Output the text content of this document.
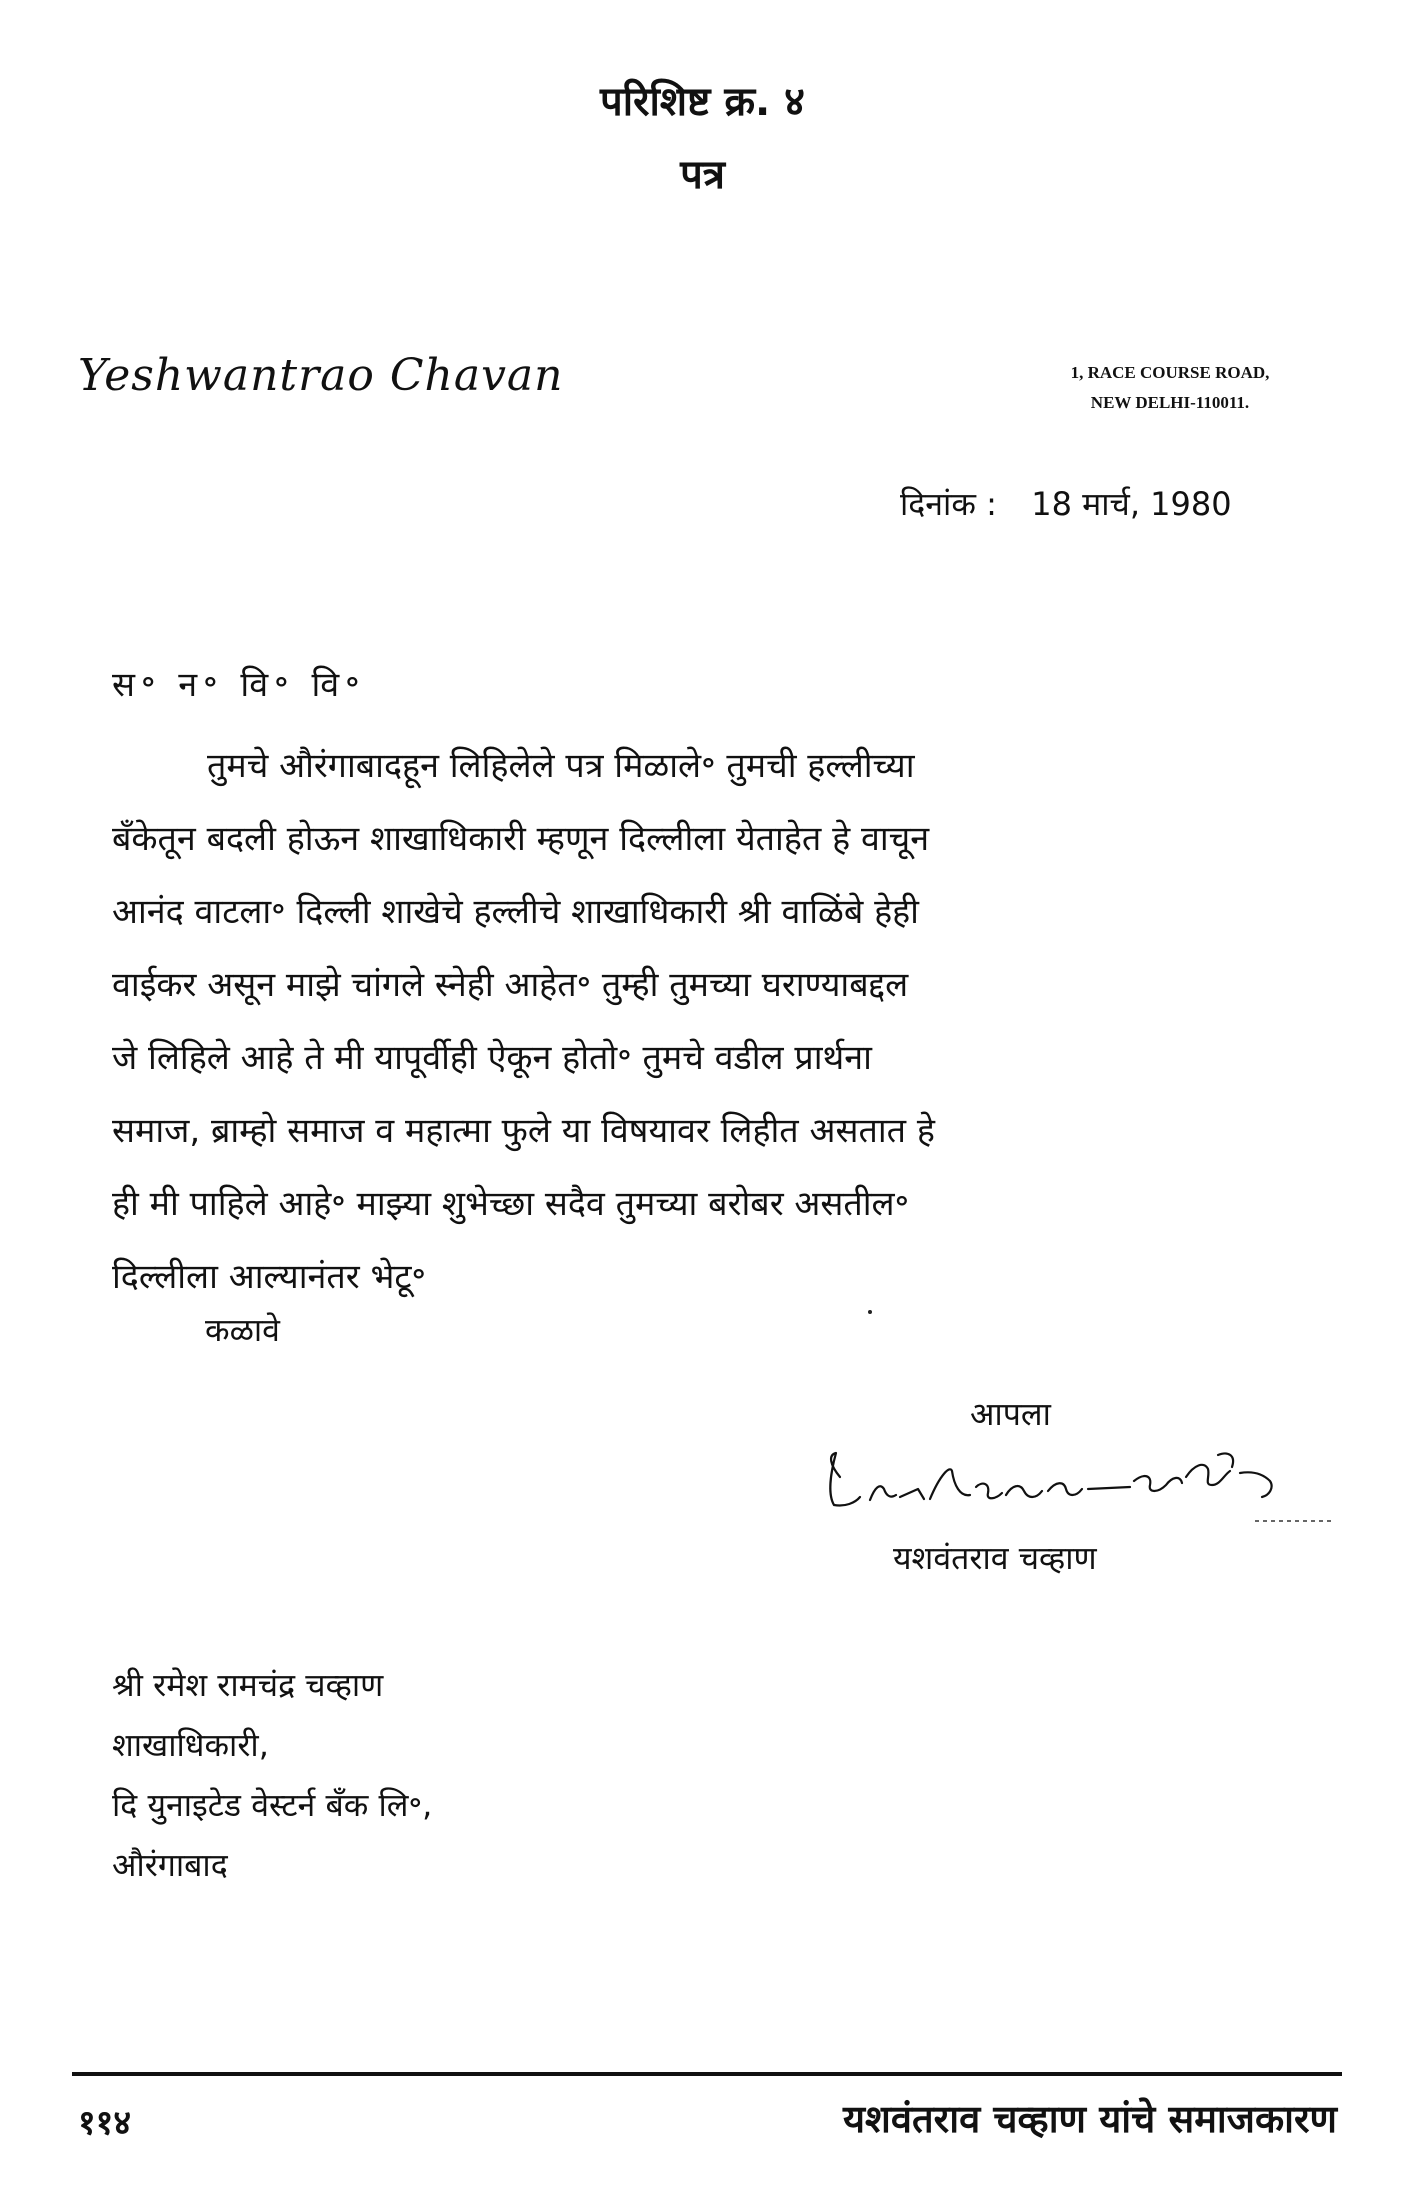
परिशिष्ट क्र. ४
पत्र
Yeshwantrao Chavan	1, RACE COURSE ROAD,
NEW DELHI-110011.
दिनांक : 18 मार्च, 1980
स॰ न॰ वि॰ वि॰
तुमचे औरंगाबादहून लिहिलेले पत्र मिळाले॰ तुमची हल्लीच्या
बँकेतून बदली होऊन शाखाधिकारी म्हणून दिल्लीला येताहेत हे वाचून
आनंद वाटला॰ दिल्ली शाखेचे हल्लीचे शाखाधिकारी श्री वाळिंबे हेही
वाईकर असून माझे चांगले स्नेही आहेत॰ तुम्ही तुमच्या घराण्याबद्दल
जे लिहिले आहे ते मी यापूर्वीही ऐकून होतो॰ तुमचे वडील प्रार्थना
समाज, ब्राम्हो समाज व महात्मा फुले या विषयावर लिहीत असतात हे
ही मी पाहिले आहे॰ माझ्या शुभेच्छा सदैव तुमच्या बरोबर असतील॰
दिल्लीला आल्यानंतर भेटू॰
कळावे
आपला
यशवंतराव चव्हाण
श्री रमेश रामचंद्र चव्हाण
शाखाधिकारी,
दि युनाइटेड वेस्टर्न बँक लि॰,
औरंगाबाद
११४	यशवंतराव चव्हाण यांचे समाजकारण
